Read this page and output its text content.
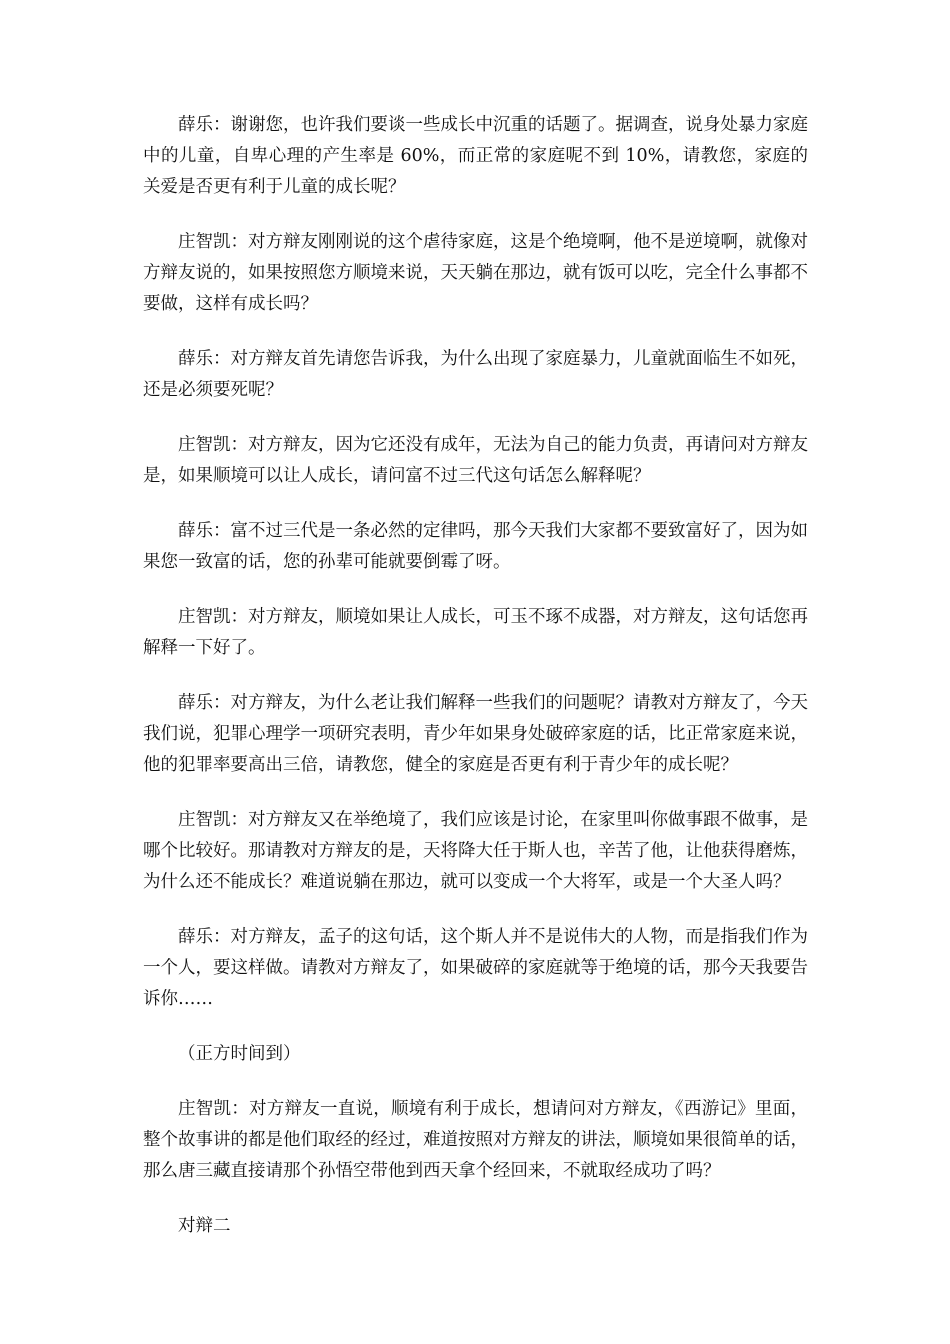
薛乐：谢谢您，也许我们要谈一些成长中沉重的话题了。据调查，说身处暴力家庭中的儿童，自卑心理的产生率是 60%，而正常的家庭呢不到 10%，请教您，家庭的关爱是否更有利于儿童的成长呢？

庄智凯：对方辩友刚刚说的这个虐待家庭，这是个绝境啊，他不是逆境啊，就像对方辩友说的，如果按照您方顺境来说，天天躺在那边，就有饭可以吃，完全什么事都不要做，这样有成长吗？

薛乐：对方辩友首先请您告诉我，为什么出现了家庭暴力，儿童就面临生不如死，还是必须要死呢？

庄智凯：对方辩友，因为它还没有成年，无法为自己的能力负责，再请问对方辩友是，如果顺境可以让人成长，请问富不过三代这句话怎么解释呢？

薛乐：富不过三代是一条必然的定律吗，那今天我们大家都不要致富好了，因为如果您一致富的话，您的孙辈可能就要倒霉了呀。

庄智凯：对方辩友，顺境如果让人成长，可玉不琢不成器，对方辩友，这句话您再解释一下好了。

薛乐：对方辩友，为什么老让我们解释一些我们的问题呢？请教对方辩友了，今天我们说，犯罪心理学一项研究表明，青少年如果身处破碎家庭的话，比正常家庭来说，他的犯罪率要高出三倍，请教您，健全的家庭是否更有利于青少年的成长呢？

庄智凯：对方辩友又在举绝境了，我们应该是讨论，在家里叫你做事跟不做事，是哪个比较好。那请教对方辩友的是，天将降大任于斯人也，辛苦了他，让他获得磨炼，为什么还不能成长？难道说躺在那边，就可以变成一个大将军，或是一个大圣人吗？

薛乐：对方辩友，孟子的这句话，这个斯人并不是说伟大的人物，而是指我们作为一个人，要这样做。请教对方辩友了，如果破碎的家庭就等于绝境的话，那今天我要告诉你……

（正方时间到）

庄智凯：对方辩友一直说，顺境有利于成长，想请问对方辩友，《西游记》里面，整个故事讲的都是他们取经的经过，难道按照对方辩友的讲法，顺境如果很简单的话，那么唐三藏直接请那个孙悟空带他到西天拿个经回来，不就取经成功了吗？

对辩二
